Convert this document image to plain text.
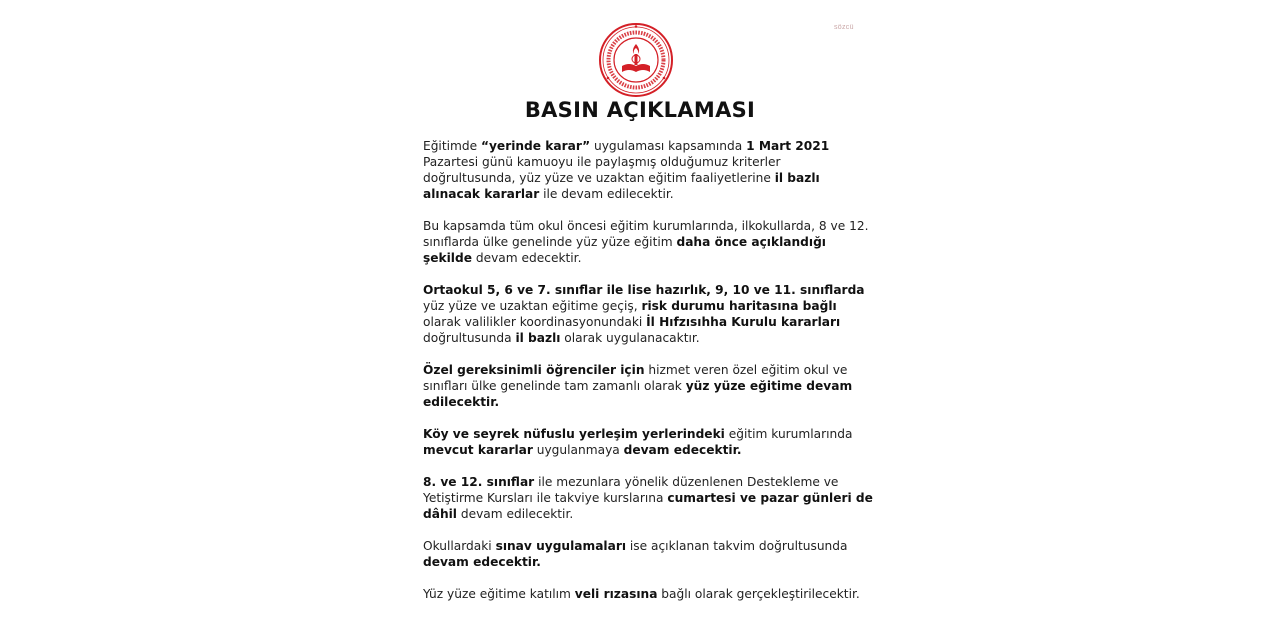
sözcü
BASIN AÇIKLAMASI

Eğitimde “yerinde karar” uygulaması kapsamında 1 Mart 2021 Pazartesi günü kamuoyu ile paylaşmış olduğumuz kriterler doğrultusunda, yüz yüze ve uzaktan eğitim faaliyetlerine il bazlı alınacak kararlar ile devam edilecektir.

Bu kapsamda tüm okul öncesi eğitim kurumlarında, ilkokullarda, 8 ve 12. sınıflarda ülke genelinde yüz yüze eğitim daha önce açıklandığı şekilde devam edecektir.

Ortaokul 5, 6 ve 7. sınıflar ile lise hazırlık, 9, 10 ve 11. sınıflarda yüz yüze ve uzaktan eğitime geçiş, risk durumu haritasına bağlı olarak valilikler koordinasyonundaki İl Hıfzısıhha Kurulu kararları doğrultusunda il bazlı olarak uygulanacaktır.

Özel gereksinimli öğrenciler için hizmet veren özel eğitim okul ve sınıfları ülke genelinde tam zamanlı olarak yüz yüze eğitime devam edilecektir.

Köy ve seyrek nüfuslu yerleşim yerlerindeki eğitim kurumlarında mevcut kararlar uygulanmaya devam edecektir.

8. ve 12. sınıflar ile mezunlara yönelik düzenlenen Destekleme ve Yetiştirme Kursları ile takviye kurslarına cumartesi ve pazar günleri de dâhil devam edilecektir.

Okullardaki sınav uygulamaları ise açıklanan takvim doğrultusunda devam edecektir.

Yüz yüze eğitime katılım veli rızasına bağlı olarak gerçekleştirilecektir.
